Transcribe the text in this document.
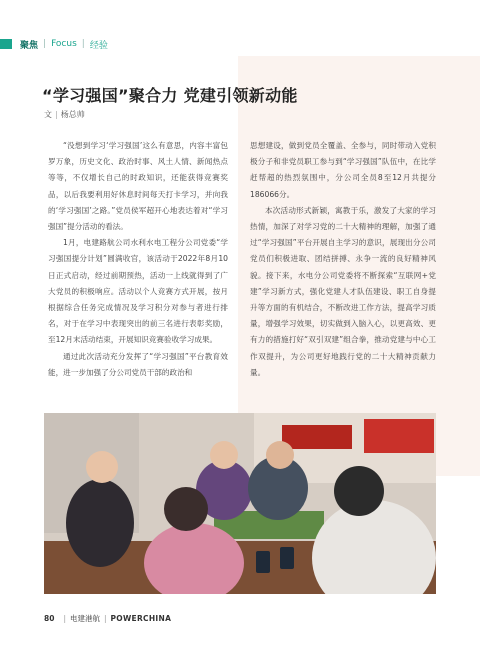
聚焦 | Focus | 经验
“学习强国”聚合力 党建引领新动能
文 | 杨总帅

“没想到学习‘学习强国’这么有意思，内容丰富包罗万象，历史文化、政治时事、风土人情、新闻热点等等，不仅增长自己的时政知识，还能获得竞赛奖品，以后我要利用好休息时间每天打卡学习，并向我的‘学习强国’之路。”党员侯军超开心地表达着对“学习强国”提分活动的看法。

1月，电建路航公司水利水电工程分公司党委“学习强国提分计划”圆满收官，该活动于2022年8月10日正式启动，经过前期预热，活动一上线就得到了广大党员的积极响应。活动以个人竞赛方式开展，按月根据综合任务完成情况及学习积分对参与者进行排名，对于在学习中表现突出的前三名进行表彰奖励，至12月末活动结束，开展知识竞赛验收学习成果。

通过此次活动充分发挥了“学习强国”平台教育效能，进一步加强了分公司党员干部的政治和

思想建设，做到党员全覆盖、全参与，同时带动入党积极分子和非党员职工参与到“学习强国”队伍中，在比学赶帮超的热烈氛围中，分公司全员8至12月共提分186066分。

本次活动形式新颖，寓教于乐，激发了大家的学习热情，加深了对学习党的二十大精神的理解，加强了通过“学习强国”平台开展自主学习的意识，展现出分公司党员们积极进取、团结拼搏、永争一流的良好精神风貌。接下来，水电分公司党委将不断探索“互联网+党建”学习新方式，强化党建人才队伍建设、职工自身提升等方面的有机结合，不断改进工作方法，提高学习质量，增强学习效果，切实做到入脑入心，以更高效、更有力的措施打好“双引双建”组合拳，推动党建与中心工作双提升，为公司更好地践行党的二十大精神贡献力量。

80 | 电建港航 | POWERCHINA
